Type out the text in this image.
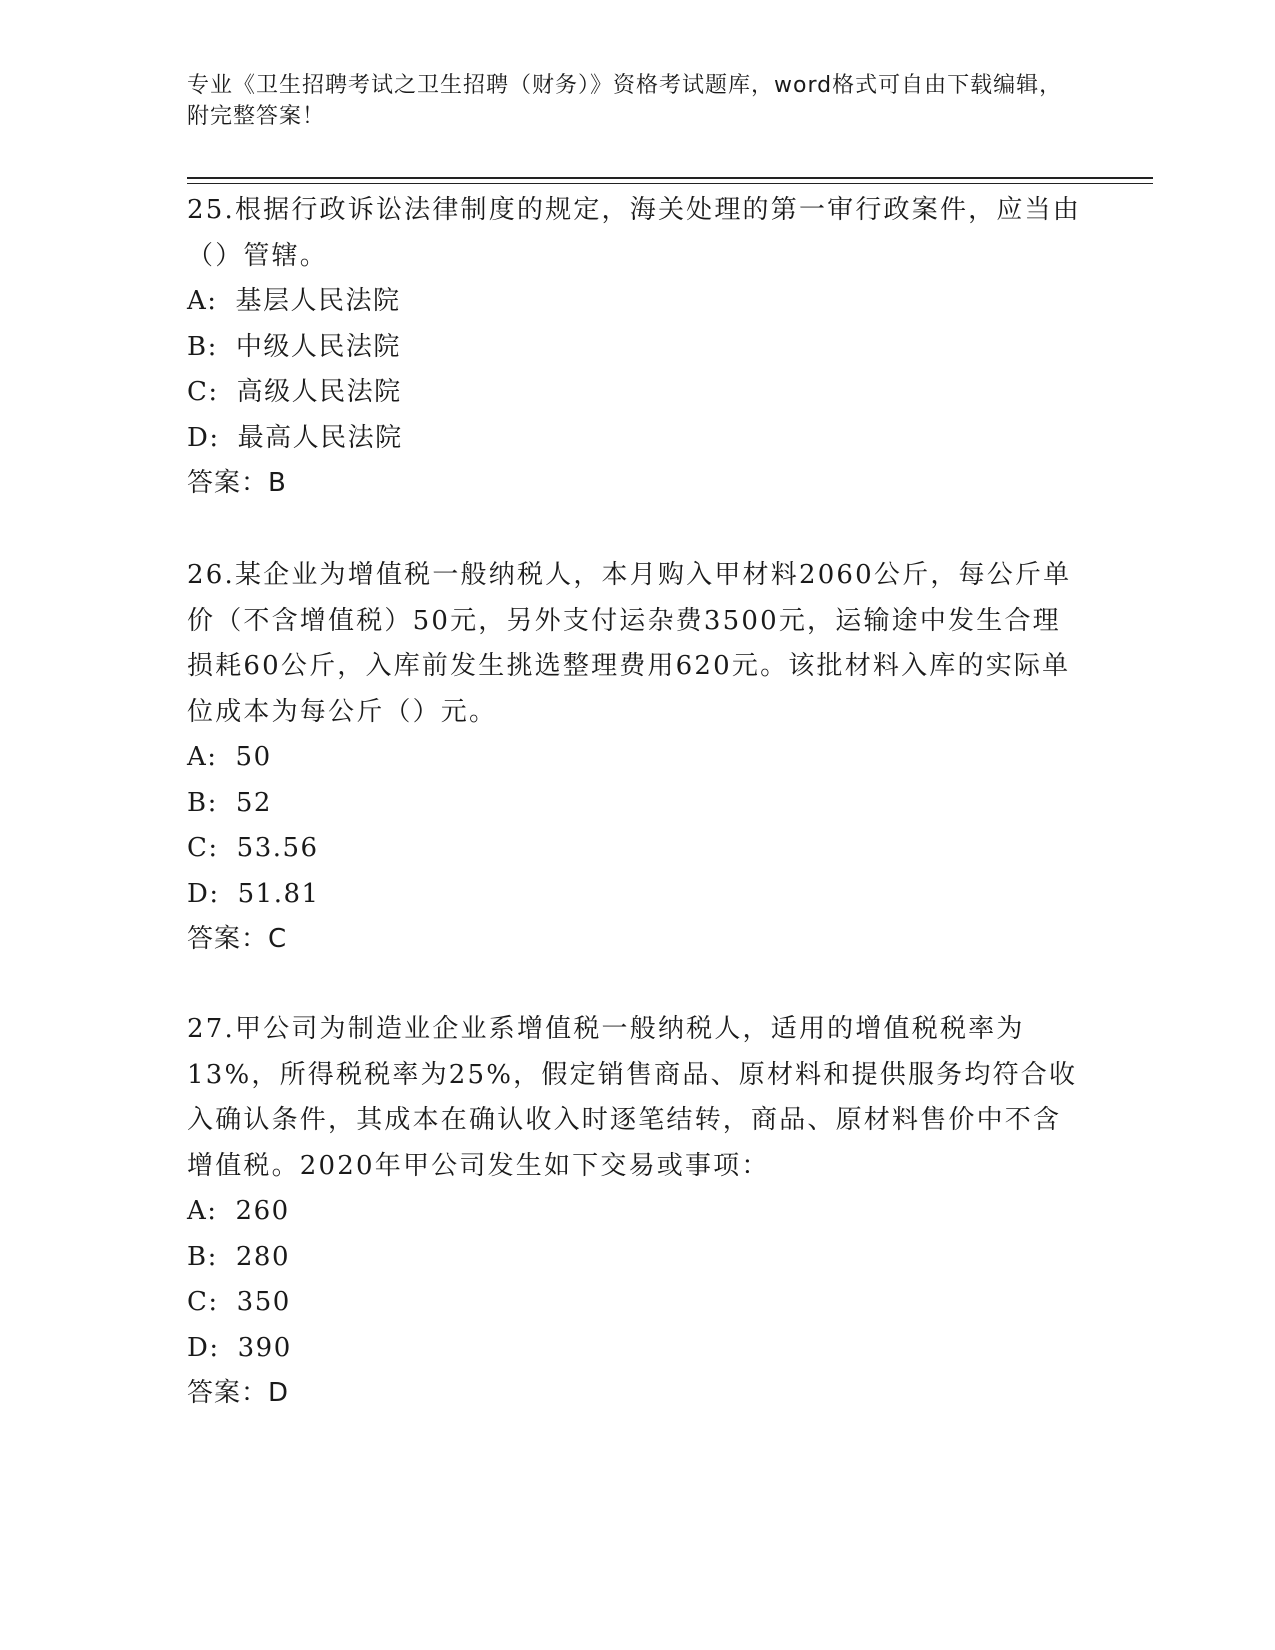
专业《卫生招聘考试之卫生招聘（财务）》资格考试题库，word格式可自由下载编辑，附完整答案！

25.根据行政诉讼法律制度的规定，海关处理的第一审行政案件，应当由（）管辖。

A: 基层人民法院

B: 中级人民法院

C: 高级人民法院

D: 最高人民法院

答案：B

26.某企业为增值税一般纳税人，本月购入甲材料2060公斤，每公斤单价（不含增值税）50元，另外支付运杂费3500元，运输途中发生合理损耗60公斤，入库前发生挑选整理费用620元。该批材料入库的实际单位成本为每公斤（）元。

A: 50

B: 52

C: 53.56

D: 51.81

答案：C

27.甲公司为制造业企业系增值税一般纳税人，适用的增值税税率为13%，所得税税率为25%，假定销售商品、原材料和提供服务均符合收入确认条件，其成本在确认收入时逐笔结转，商品、原材料售价中不含增值税。2020年甲公司发生如下交易或事项：

A: 260

B: 280

C: 350

D: 390

答案：D
